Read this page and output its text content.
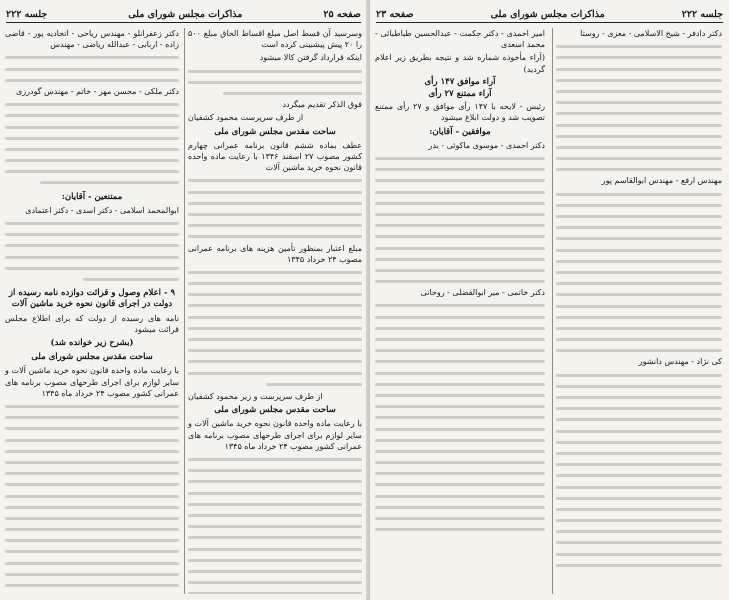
صفحه ۲۵
مذاکرات مجلس شورای ملی
جلسه ۲۲۲
وسرسید آن قسط اصل مبلغ اقساط الحاق مبلغ ۵۰۰ را ۲۰ پیش پیشبینی کرده است
اینکه قرارداد گرفتن کالا میشود
فوق الذکر تقدیم میگردد
از طرف سرپرست محمود کشفیان
ساحت مقدس مجلس شورای ملی
عطف بماده ششم قانون برنامه عمرانی چهارم کشور مصوب ۲۷ اسفند ۱۳۴۶ با رعایت ماده واحده قانون نحوه خرید ماشین آلات
مبلغ اعتبار بمنظور تأمین هزینه های برنامه عمرانی مصوب ۲۴ خرداد ۱۳۴۵
از طرف سرپرست و زیر محمود کشفیان
ساحت مقدس مجلس شورای ملی
با رعایت ماده واحده قانون نحوه خرید ماشین آلات و سایر لوازم برای اجرای طرحهای مصوب برنامه های عمرانی کشور مصوب ۲۴ خرداد ماه ۱۳۴۵
دکتر زعفرانلو - مهندس ریاحی - اتحادیه پور - قاضی زاده - اربابی - عبدالله ریاضی - مهندس
دکتر ملکی - محسن مهر - خاتم - مهندس گودرزی
ممتنعین - آقایان:
ابوالمحمد اسلامی - دکتر اسدی - دکتر اعتمادی
۹ - اعلام وصول و قرائت دوازده نامه رسیده از دولت در اجرای قانون نحوه خرید ماشین آلات
نامه های رسیده از دولت که برای اطلاع مجلس قرائت میشود
(بشرح زیر خوانده شد)
ساحت مقدس مجلس شورای ملی
با رعایت ماده واحده قانون نحوه خرید ماشین آلات و سایر لوازم برای اجرای طرحهای مصوب برنامه های عمرانی کشور مصوب ۲۴ خرداد ماه ۱۳۴۵
جلسه ۲۲۲
مذاکرات مجلس شورای ملی
صفحه ۲۳
دکتر دادفر - شیخ الاسلامی - معزی - روستا
مهندس ارفع - مهندس ابوالقاسم پور
کی نژاد - مهندس دانشور
امیر احمدی - دکتر حکمت - عبدالحسین طباطبائی - محمد اسعدی
(آراء مأخوذه شماره شد و نتیجه بطریق زیر اعلام گردید)
آراء موافق ۱۴۷ رأی
آراء ممتنع ۲۷ رأی
رئیس - لایحه با ۱۴۷ رأی موافق و ۲۷ رأی ممتنع تصویب شد و دولت ابلاغ میشود
موافقین - آقایان:
دکتر احمدی - موسوی ماکوئی - بدر
دکتر خاتمی - میر ابوالفضلی - روحانی
